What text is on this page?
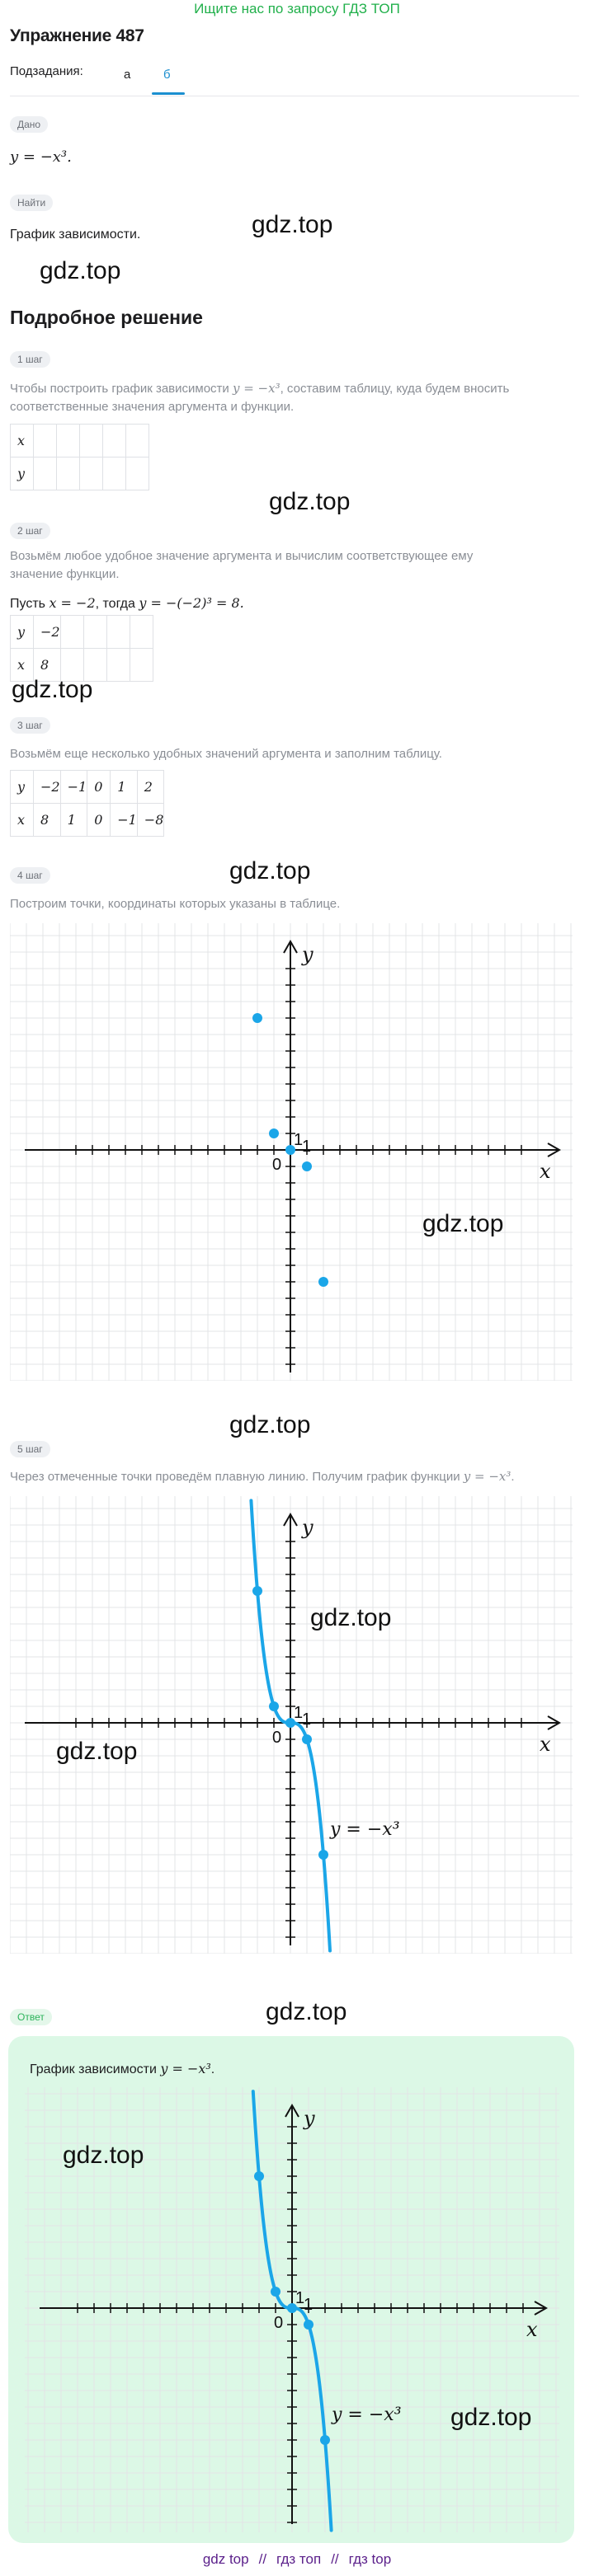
Ищите нас по запросу ГДЗ ТОП
Упражнение 487
Подзадания:	а	б
Дано
y = −x³.
Найти
График зависимости.	gdz.top
gdz.top
Подробное решение
1 шаг
Чтобы построить график зависимости y = −x³, составим таблицу, куда будем вносить
соответственные значения аргумента и функции.
x					
y					
gdz.top
2 шаг
Возьмём любое удобное значение аргумента и вычислим соответствующее ему
значение функции.
Пусть x = −2, тогда y = −(−2)³ = 8.
y	−2				
x	8				
gdz.top
3 шаг
Возьмём еще несколько удобных значений аргумента и заполним таблицу.
y	−2	−1	0	1	2
x	8	1	0	−1	−8
4 шаг	gdz.top
Построим точки, координаты которых указаны в таблице.
x
y
0
1
1
gdz.top
gdz.top
5 шаг
Через отмеченные точки проведём плавную линию. Получим график функции y = −x³.
x
y
0
1
1
y = −x³
gdz.top
gdz.top
gdz.top
Ответ
График зависимости y = −x³.
x
y
0
1
1
y = −x³
gdz.top
gdz.top
gdz top // гдз топ // гдз top
